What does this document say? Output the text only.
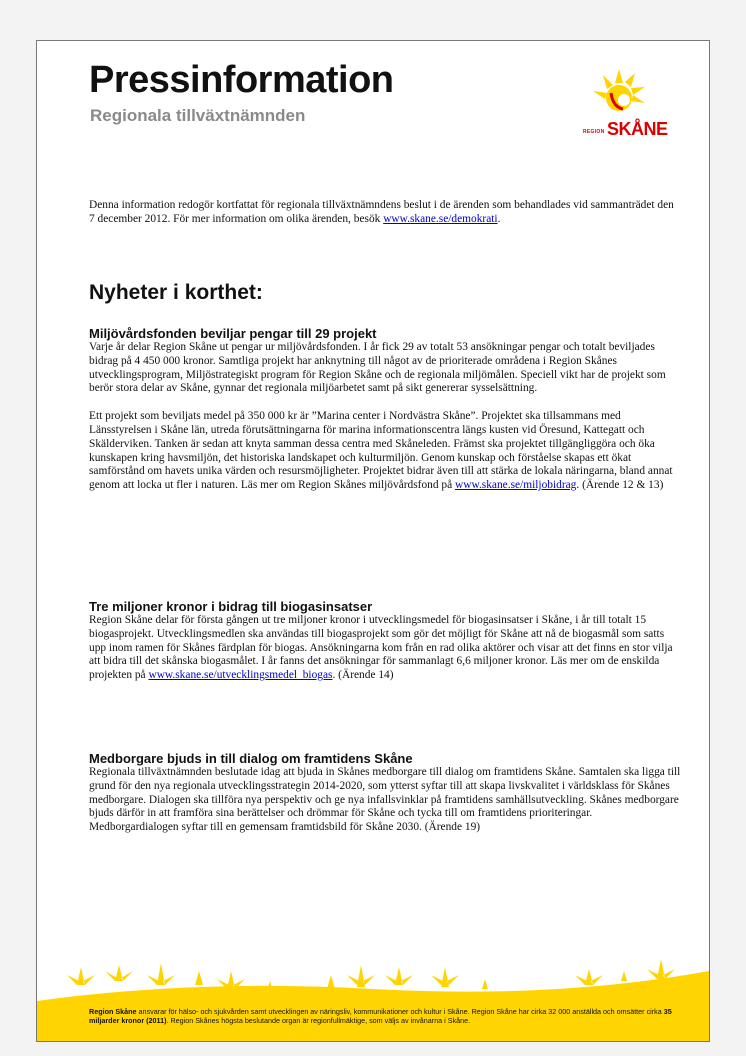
Pressinformation
Regionala tillväxtnämnden
REGION SKÅNE

Denna information redogör kortfattat för regionala tillväxtnämndens beslut i de ärenden som behandlades vid sammanträdet den 7 december 2012. För mer information om olika ärenden, besök www.skane.se/demokrati.

Nyheter i korthet:
Miljövårdsfonden beviljar pengar till 29 projekt

Varje år delar Region Skåne ut pengar ur miljövårdsfonden. I år fick 29 av totalt 53 ansökningar pengar och totalt beviljades bidrag på 4 450 000 kronor. Samtliga projekt har anknytning till något av de prioriterade områdena i Region Skånes utvecklingsprogram, Miljöstrategiskt program för Region Skåne och de regionala miljömålen. Speciell vikt har de projekt som berör stora delar av Skåne, gynnar det regionala miljöarbetet samt på sikt genererar sysselsättning.

Ett projekt som beviljats medel på 350 000 kr är ”Marina center i Nordvästra Skåne”. Projektet ska tillsammans med Länsstyrelsen i Skåne län, utreda förutsättningarna för marina informationscentra längs kusten vid Öresund, Kattegatt och Skälderviken. Tanken är sedan att knyta samman dessa centra med Skåneleden. Främst ska projektet tillgängliggöra och öka kunskapen kring havsmiljön, det historiska landskapet och kulturmiljön. Genom kunskap och förståelse skapas ett ökat samförstånd om havets unika värden och resursmöjligheter. Projektet bidrar även till att stärka de lokala näringarna, bland annat genom att locka ut fler i naturen. Läs mer om Region Skånes miljövårdsfond på www.skane.se/miljobidrag. (Ärende 12 & 13)

Tre miljoner kronor i bidrag till biogasinsatser

Region Skåne delar för första gången ut tre miljoner kronor i utvecklingsmedel för biogasinsatser i Skåne, i år till totalt 15 biogasprojekt. Utvecklingsmedlen ska användas till biogasprojekt som gör det möjligt för Skåne att nå de biogasmål som satts upp inom ramen för Skånes färdplan för biogas. Ansökningarna kom från en rad olika aktörer och visar att det finns en stor vilja att bidra till det skånska biogasmålet. I år fanns det ansökningar för sammanlagt 6,6 miljoner kronor. Läs mer om de enskilda projekten på www.skane.se/utvecklingsmedel_biogas. (Ärende 14)

Medborgare bjuds in till dialog om framtidens Skåne

Regionala tillväxtnämnden beslutade idag att bjuda in Skånes medborgare till dialog om framtidens Skåne. Samtalen ska ligga till grund för den nya regionala utvecklingsstrategin 2014-2020, som ytterst syftar till att skapa livskvalitet i världsklass för Skånes medborgare. Dialogen ska tillföra nya perspektiv och ge nya infallsvinklar på framtidens samhällsutveckling. Skånes medborgare bjuds därför in att framföra sina berättelser och drömmar för Skåne och tycka till om framtidens prioriteringar. Medborgardialogen syftar till en gemensam framtidsbild för Skåne 2030. (Ärende 19)

Region Skåne ansvarar för hälso- och sjukvården samt utvecklingen av näringsliv, kommunikationer och kultur i Skåne. Region Skåne har cirka 32 000 anställda och omsätter cirka 35 miljarder kronor (2011). Region Skånes högsta beslutande organ är regionfullmäktige, som väljs av invånarna i Skåne.
